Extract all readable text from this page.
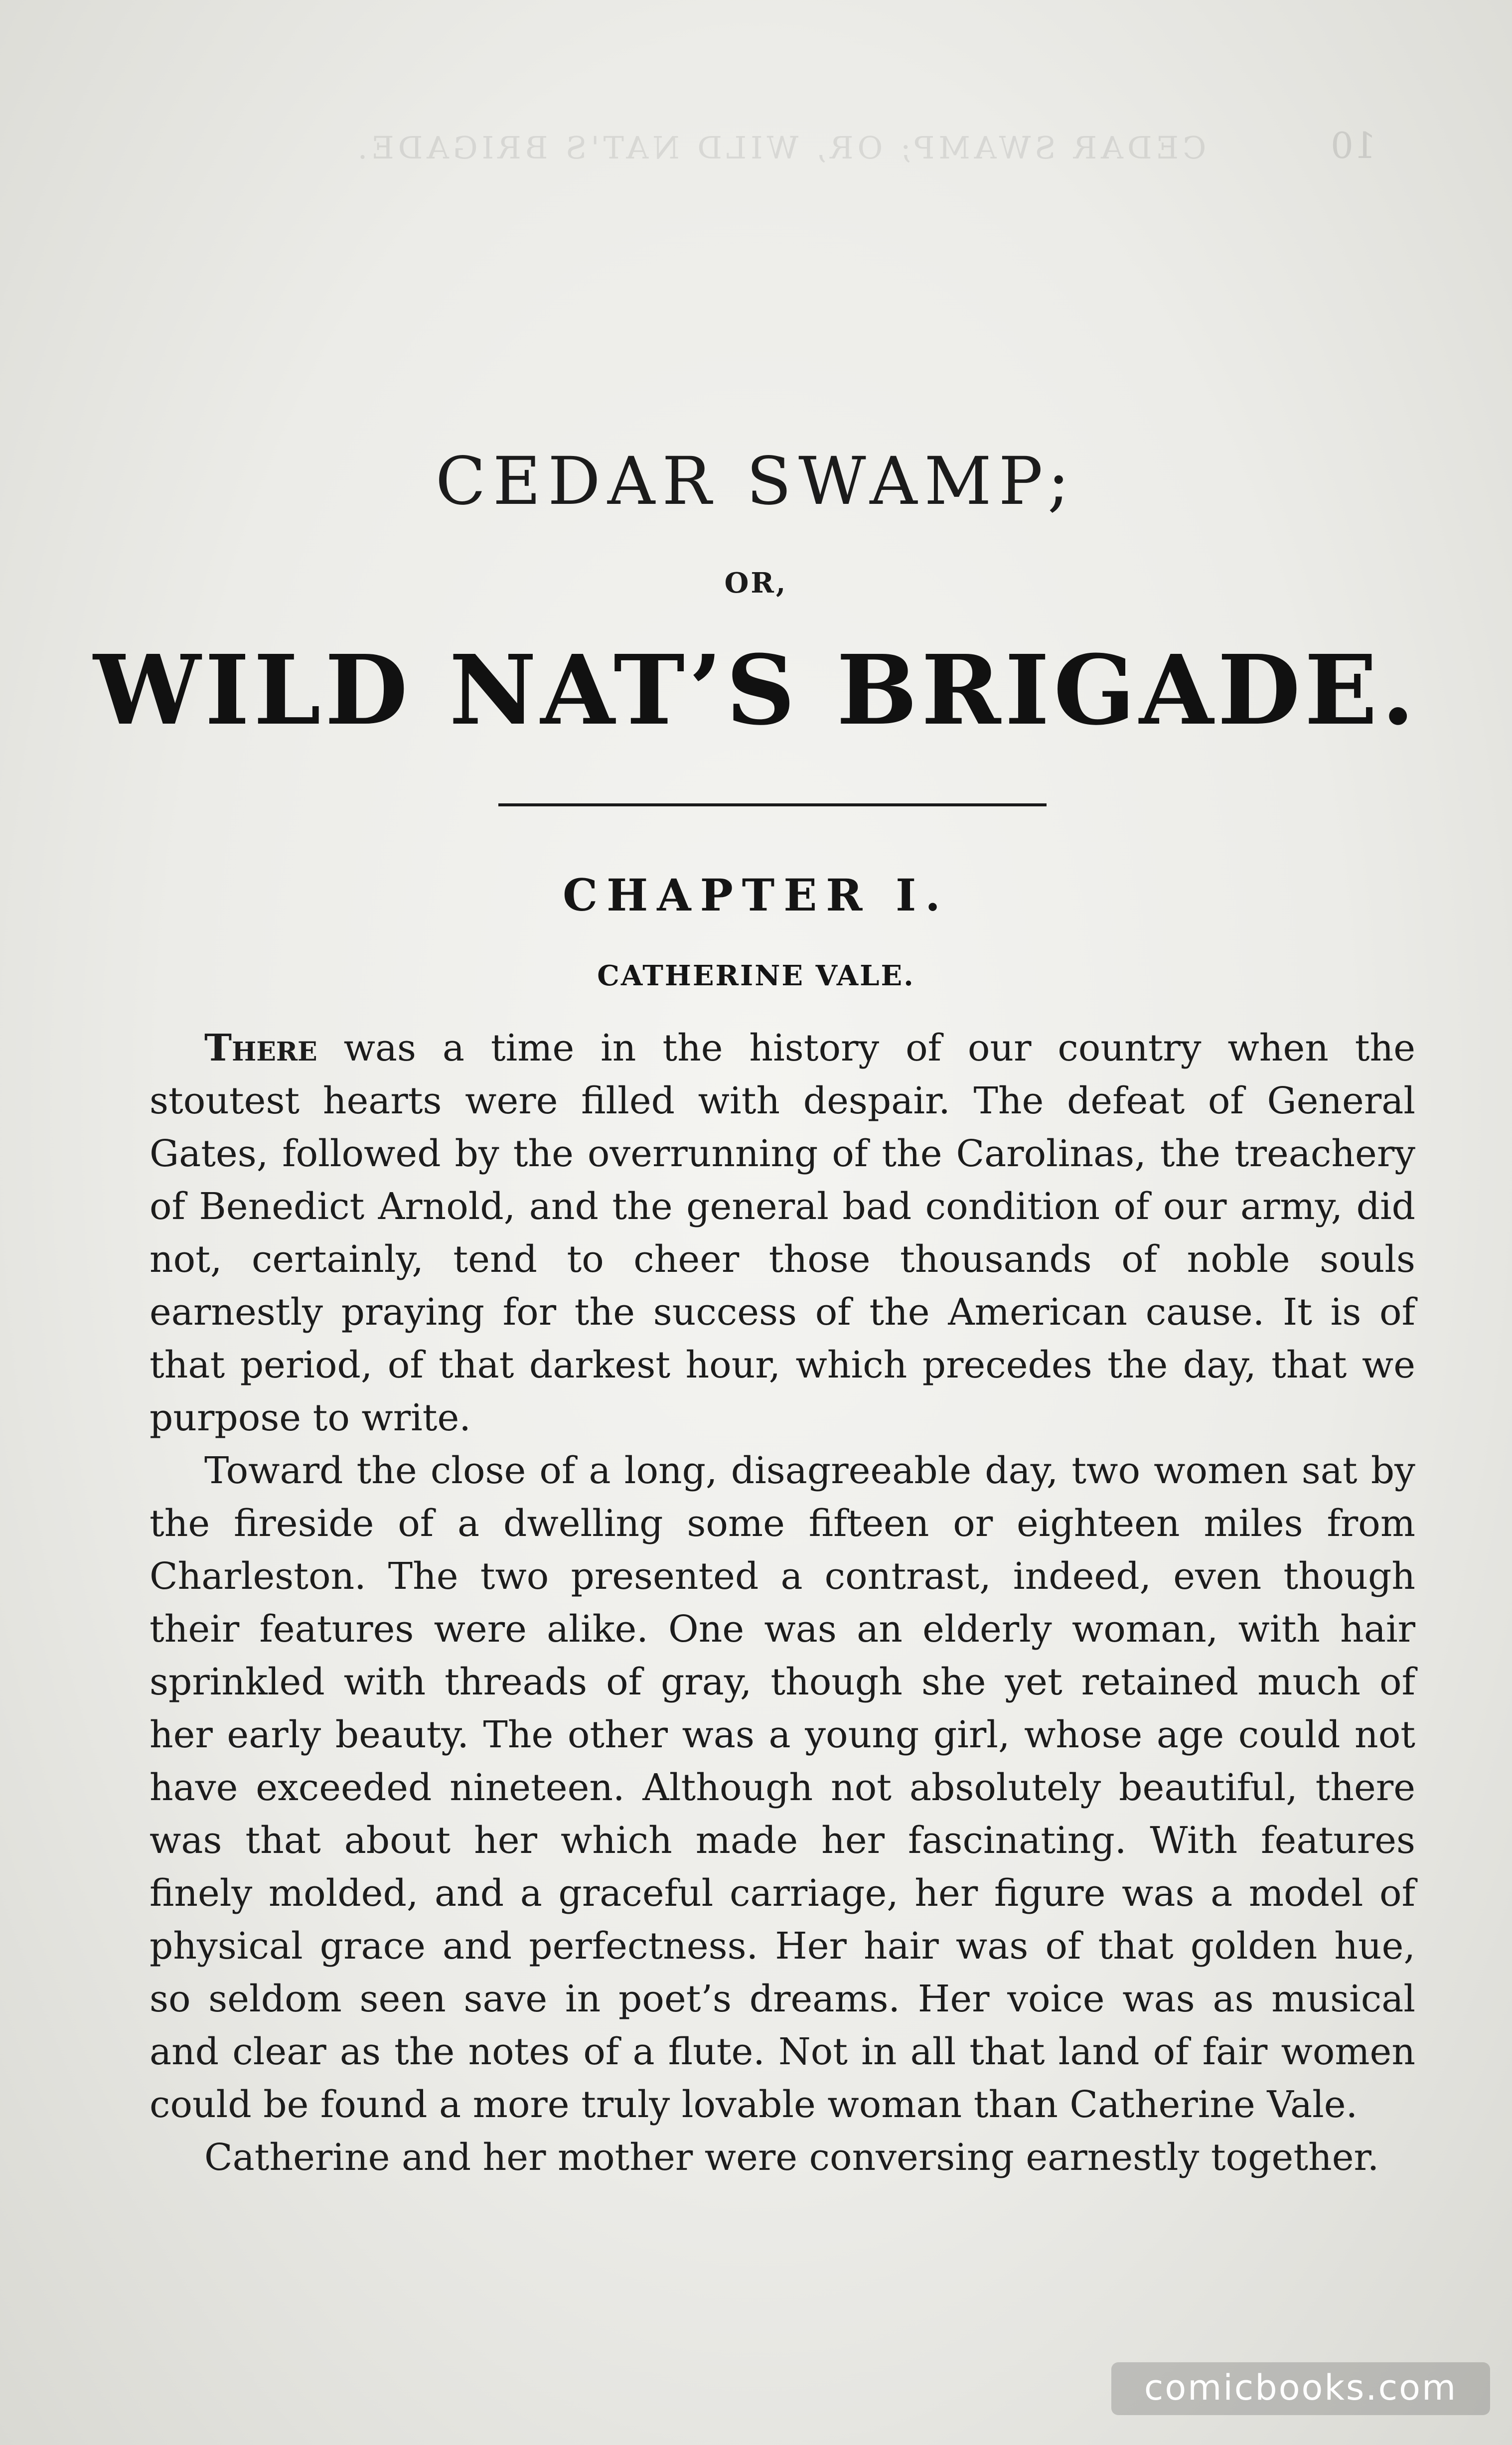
CEDAR SWAMP; OR, WILD NAT'S BRIGADE.	10
CEDAR SWAMP;
OR,
WILD NAT’S BRIGADE.
CHAPTER I.
CATHERINE VALE.

There was a time in the history of our country when the stoutest hearts were filled with despair. The defeat of General Gates, followed by the overrunning of the Carolinas, the treachery of Benedict Arnold, and the general bad condition of our army, did not, certainly, tend to cheer those thousands of noble souls earnestly praying for the success of the American cause. It is of that period, of that darkest hour, which precedes the day, that we purpose to write.

Toward the close of a long, disagreeable day, two women sat by the fireside of a dwelling some fifteen or eighteen miles from Charleston. The two presented a contrast, indeed, even though their features were alike. One was an elderly woman, with hair sprinkled with threads of gray, though she yet retained much of her early beauty. The other was a young girl, whose age could not have exceeded nineteen. Although not absolutely beautiful, there was that about her which made her fascinating. With features finely molded, and a graceful carriage, her figure was a model of physical grace and perfectness. Her hair was of that golden hue, so seldom seen save in poet’s dreams. Her voice was as musical and clear as the notes of a flute. Not in all that land of fair women could be found a more truly lovable woman than Catherine Vale.

Catherine and her mother were conversing earnestly together.

comicbooks.com
